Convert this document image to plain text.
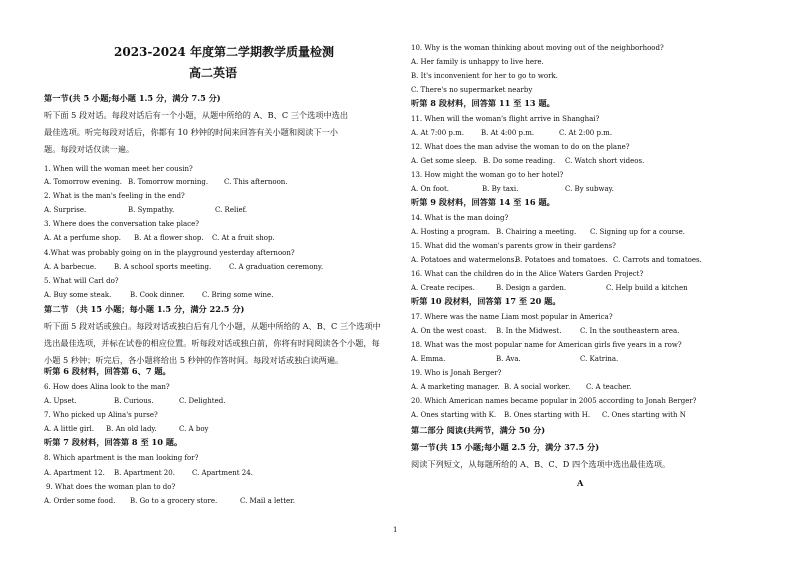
2023-2024 年度第二学期教学质量检测
高二英语
第一节(共 5 小题;每小题 1.5 分，满分 7.5 分)
听下面 5 段对话。每段对话后有一个小题，从题中所给的 A、B、C 三个选项中选出
最佳选项。听完每段对话后，你都有 10 秒钟的时间来回答有关小题和阅读下一小
题。每段对话仅读一遍。
1. When will the woman meet her cousin?
A. Tomorrow evening. B. Tomorrow morning. C. This afternoon.
2. What is the man's feeling in the end?
A. Surprise.	B. Sympathy.	C. Relief.
3. Where does the conversation take place?
A. At a perfume shop. B. At a flower shop. C. At a fruit shop.
4.What was probably going on in the playground yesterday afternoon?
A. A barbecue.	B. A school sports meeting.	C. A graduation ceremony.
5. What will Carl do?
A. Buy some steak.	B. Cook dinner. C. Bring some wine.
第二节 （共 15 小题；每小题 1.5 分，满分 22.5 分)
听下面 5 段对话或独白。每段对话或独白后有几个小题，从题中所给的 A、B、C 三个选项中
选出最佳选项，并标在试卷的相应位置。听每段对话或独白前，你将有时间阅读各个小题，每
小题 5 秒钟；听完后，各小题将给出 5 秒钟的作答时间。每段对话或独白读两遍。
听第 6 段材料，回答第 6、7 题。
6. How does Alina look to the man?
A. Upset.	B. Curious.	C. Delighted.
7. Who picked up Alina's purse?
A. A little girl. B. An old lady.	C. A boy
听第 7 段材料，回答第 8 至 10 题。
8. Which apartment is the man looking for?
A. Apartment 12. B. Apartment 20. C. Apartment 24.
9. What does the woman plan to do?
A. Order some food. B. Go to a grocery store.	C. Mail a letter.
10. Why is the woman thinking about moving out of the neighborhood?
A. Her family is unhappy to live here.
B. It's inconvenient for her to go to work.
C. There's no supermarket nearby
听第 8 段材料，回答第 11 至 13 题。
11. When will the woman's flight arrive in Shanghai?
A. At 7:00 p.m. B. At 4:00 p.m.	C. At 2:00 p.m.
12. What does the man advise the woman to do on the plane?
A. Get some sleep. B. Do some reading. C. Watch short videos.
13. How might the woman go to her hotel?
A. On foot.	B. By taxi.	C. By subway.
听第 9 段材料，回答第 14 至 16 题。
14. What is the man doing?
A. Hosting a program. B. Chairing a meeting. C. Signing up for a course.
15. What did the woman's parents grow in their gardens?
A. Potatoes and watermelons.B. Potatoes and tomatoes. C. Carrots and tomatoes.
16. What can the children do in the Alice Waters Garden Project?
A. Create recipes.	B. Design a garden.	C. Help build a kitchen
听第 10 段材料，回答第 17 至 20 题。
17. Where was the name Liam most popular in America?
A. On the west coast. B. In the Midwest.	C. In the southeastern area.
18. What was the most popular name for American girls five years in a row?
A. Emma.	B. Ava.	C. Katrina.
19. Who is Jonah Berger?
A. A marketing manager. B. A social worker. C. A teacher.
20. Which American names became popular in 2005 according to Jonah Berger?
A. Ones starting with K. B. Ones starting with H. C. Ones starting with N
第二部分 阅读(共两节，满分 50 分)
第一节(共 15 小题;每小题 2.5 分，满分 37.5 分)
阅读下列短文，从每题所给的 A、B、C、D 四个选项中选出最佳选项。
A
1
